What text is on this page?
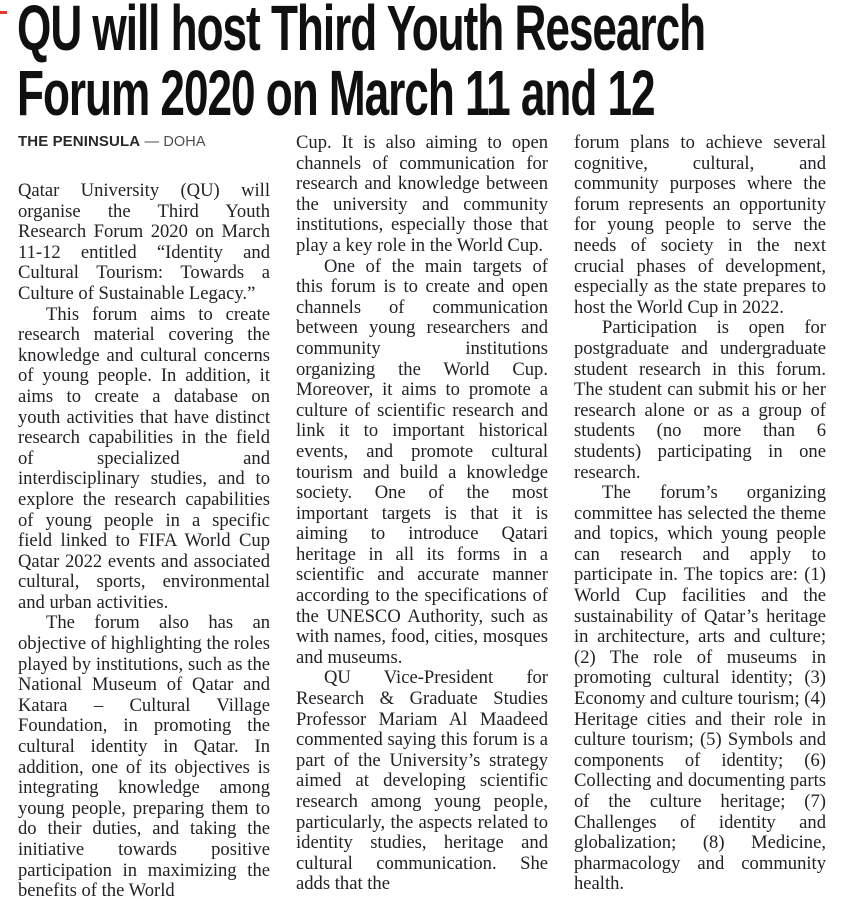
QU will host Third Youth Research
Forum 2020 on March 11 and 12
THE PENINSULA — DOHA

Qatar University (QU) will organise the Third Youth Research Forum 2020 on March 11-12 entitled “Identity and Cultural Tourism: Towards a Culture of Sustainable Legacy.”

This forum aims to create research material covering the knowledge and cultural concerns of young people. In addition, it aims to create a database on youth activities that have distinct research capabilities in the field of specialized and interdisciplinary studies, and to explore the research capabilities of young people in a specific field linked to FIFA World Cup Qatar 2022 events and associated cultural, sports, environmental and urban activities.

The forum also has an objective of highlighting the roles played by institutions, such as the National Museum of Qatar and Katara – Cultural Village Foundation, in promoting the cultural identity in Qatar. In addition, one of its objectives is integrating knowledge among young people, preparing them to do their duties, and taking the initiative towards positive participation in maximizing the benefits of the World

Cup. It is also aiming to open channels of communication for research and knowledge between the university and community institutions, especially those that play a key role in the World Cup.

One of the main targets of this forum is to create and open channels of communication between young researchers and community institutions organizing the World Cup. Moreover, it aims to promote a culture of scientific research and link it to important historical events, and promote cultural tourism and build a knowledge society. One of the most important targets is that it is aiming to introduce Qatari heritage in all its forms in a scientific and accurate manner according to the specifications of the UNESCO Authority, such as with names, food, cities, mosques and museums.

QU Vice-President for Research & Graduate Studies Professor Mariam Al Maadeed commented saying this forum is a part of the University’s strategy aimed at developing scientific research among young people, particularly, the aspects related to identity studies, heritage and cultural communication. She adds that the

forum plans to achieve several cognitive, cultural, and community purposes where the forum represents an opportunity for young people to serve the needs of society in the next crucial phases of development, especially as the state prepares to host the World Cup in 2022.

Participation is open for postgraduate and undergraduate student research in this forum. The student can submit his or her research alone or as a group of students (no more than 6 students) participating in one research.

The forum’s organizing committee has selected the theme and topics, which young people can research and apply to participate in. The topics are: (1) World Cup facilities and the sustainability of Qatar’s heritage in architecture, arts and culture; (2) The role of museums in promoting cultural identity; (3) Economy and culture tourism; (4) Heritage cities and their role in culture tourism; (5) Symbols and components of identity; (6) Collecting and documenting parts of the culture heritage; (7) Challenges of identity and globalization; (8) Medicine, pharmacology and community health.
